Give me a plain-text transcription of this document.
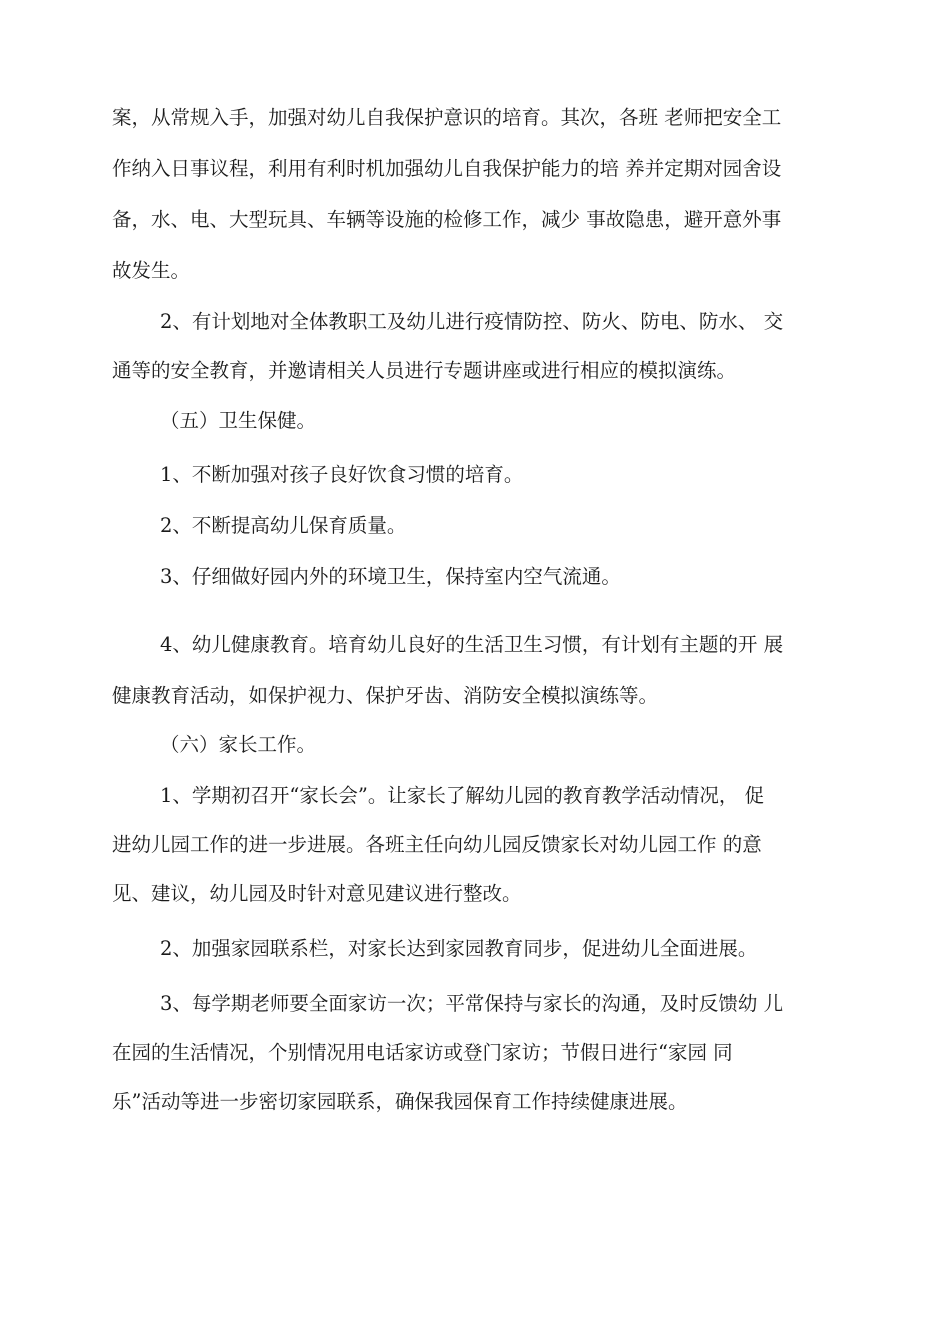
案，从常规入手，加强对幼儿自我保护意识的培育。其次，各班 老师把安全工
作纳入日事议程，利用有利时机加强幼儿自我保护能力的培 养并定期对园舍设
备，水、电、大型玩具、车辆等设施的检修工作，减少 事故隐患，避开意外事
故发生。
2、有计划地对全体教职工及幼儿进行疫情防控、防火、防电、防水、 交
通等的安全教育，并邀请相关人员进行专题讲座或进行相应的模拟演练。
（五）卫生保健。
1、不断加强对孩子良好饮食习惯的培育。
2、不断提高幼儿保育质量。
3、仔细做好园内外的环境卫生，保持室内空气流通。
4、幼儿健康教育。培育幼儿良好的生活卫生习惯，有计划有主题的开 展
健康教育活动，如保护视力、保护牙齿、消防安全模拟演练等。
（六）家长工作。
1、学期初召开“家长会”。让家长了解幼儿园的教育教学活动情况， 促
进幼儿园工作的进一步进展。各班主任向幼儿园反馈家长对幼儿园工作 的意
见、建议，幼儿园及时针对意见建议进行整改。
2、加强家园联系栏，对家长达到家园教育同步，促进幼儿全面进展。
3、每学期老师要全面家访一次；平常保持与家长的沟通，及时反馈幼 儿
在园的生活情况，个别情况用电话家访或登门家访；节假日进行“家园 同
乐”活动等进一步密切家园联系，确保我园保育工作持续健康进展。
